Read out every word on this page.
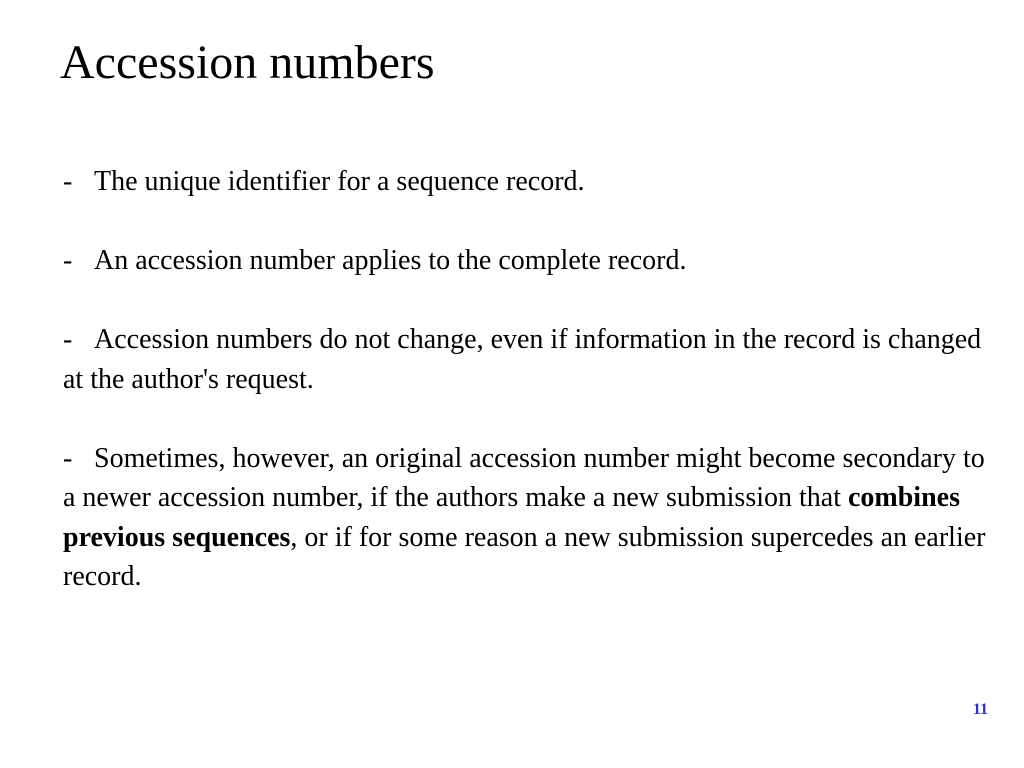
Accession numbers

- The unique identifier for a sequence record.

- An accession number applies to the complete record.

- Accession numbers do not change, even if information in the record is changed at the author's request.

- Sometimes, however, an original accession number might become secondary to a newer accession number, if the authors make a new submission that combines previous sequences, or if for some reason a new submission supercedes an earlier record.

11
